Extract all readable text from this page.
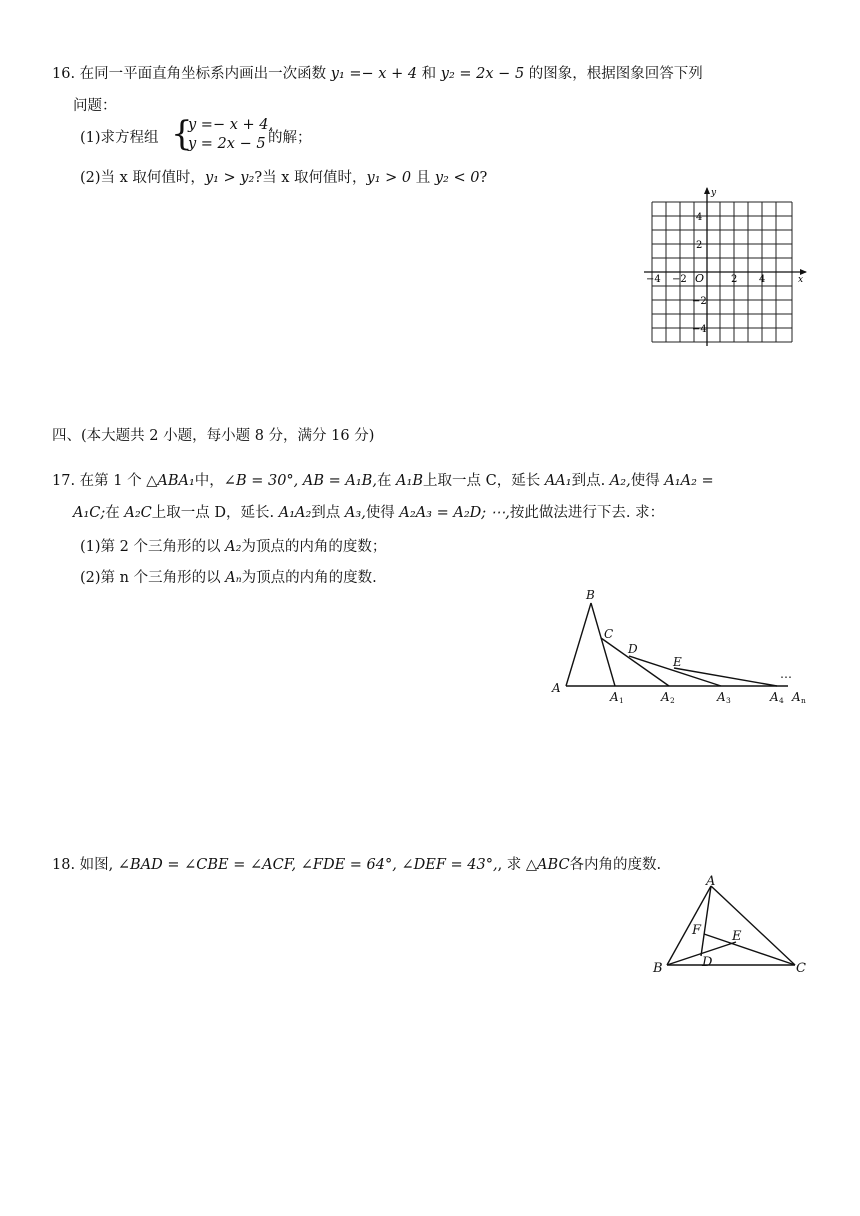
16. 在同一平面直角坐标系内画出一次函数 y₁ =− x + 4 和 y₂ = 2x − 5 的图象，根据图象回答下列
问题：
(1)求方程组 {
y =− x + 4,
y = 2x − 5 的解；
(2)当 x 取何值时，y₁ > y₂?当 x 取何值时，y₁ > 0 且 y₂ < 0?
x
y
O
−4 −2	2 4
4
2
−2
−4
四、(本大题共 2 小题，每小题 8 分，满分 16 分)
17. 在第 1 个 △ABA₁中，∠B = 30°, AB = A₁B,在 A₁B上取一点 C，延长 AA₁到点. A₂,使得 A₁A₂ =
A₁C;在 A₂C上取一点 D，延长. A₁A₂到点 A₃,使得 A₂A₃ = A₂D; ⋯,按此做法进行下去. 求：
(1)第 2 个三角形的以 A₂为顶点的内角的度数；
(2)第 n 个三角形的以 Aₙ为顶点的内角的度数.
B
C
D
E
A
A	A	A	A A
…
1	2	3	4 n
18. 如图, ∠BAD = ∠CBE = ∠ACF, ∠FDE = 64°, ∠DEF = 43°,, 求 △ABC各内角的度数.
A
F E
B	D	C
